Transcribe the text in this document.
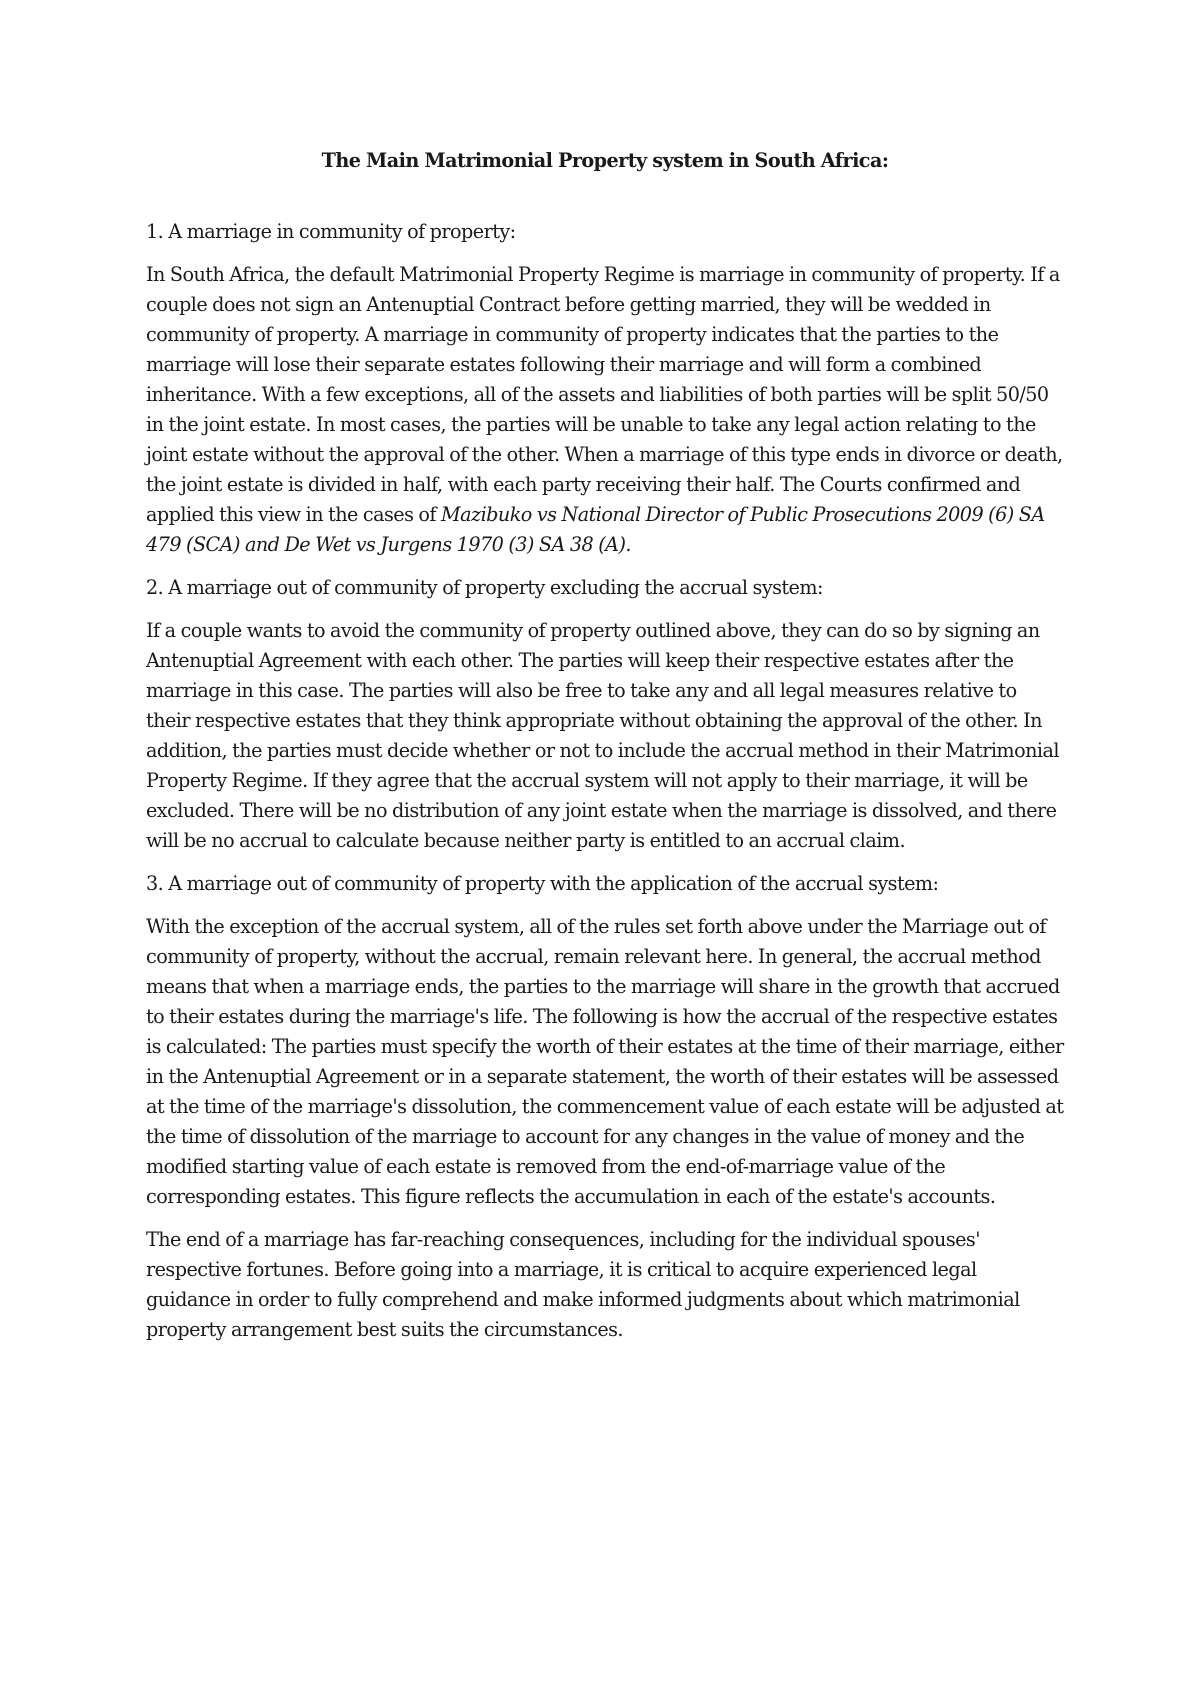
The Main Matrimonial Property system in South Africa:

1. A marriage in community of property:

In South Africa, the default Matrimonial Property Regime is marriage in community of property. If a couple does not sign an Antenuptial Contract before getting married, they will be wedded in community of property. A marriage in community of property indicates that the parties to the marriage will lose their separate estates following their marriage and will form a combined inheritance. With a few exceptions, all of the assets and liabilities of both parties will be split 50/50 in the joint estate. In most cases, the parties will be unable to take any legal action relating to the joint estate without the approval of the other. When a marriage of this type ends in divorce or death, the joint estate is divided in half, with each party receiving their half. The Courts confirmed and applied this view in the cases of Mazibuko vs National Director of Public Prosecutions 2009 (6) SA 479 (SCA) and De Wet vs Jurgens 1970 (3) SA 38 (A).

2. A marriage out of community of property excluding the accrual system:

If a couple wants to avoid the community of property outlined above, they can do so by signing an Antenuptial Agreement with each other. The parties will keep their respective estates after the marriage in this case. The parties will also be free to take any and all legal measures relative to their respective estates that they think appropriate without obtaining the approval of the other. In addition, the parties must decide whether or not to include the accrual method in their Matrimonial Property Regime. If they agree that the accrual system will not apply to their marriage, it will be excluded. There will be no distribution of any joint estate when the marriage is dissolved, and there will be no accrual to calculate because neither party is entitled to an accrual claim.

3. A marriage out of community of property with the application of the accrual system:

With the exception of the accrual system, all of the rules set forth above under the Marriage out of community of property, without the accrual, remain relevant here. In general, the accrual method means that when a marriage ends, the parties to the marriage will share in the growth that accrued to their estates during the marriage's life. The following is how the accrual of the respective estates is calculated: The parties must specify the worth of their estates at the time of their marriage, either in the Antenuptial Agreement or in a separate statement, the worth of their estates will be assessed at the time of the marriage's dissolution, the commencement value of each estate will be adjusted at the time of dissolution of the marriage to account for any changes in the value of money and the modified starting value of each estate is removed from the end-of-marriage value of the corresponding estates. This figure reflects the accumulation in each of the estate's accounts.

The end of a marriage has far-reaching consequences, including for the individual spouses' respective fortunes. Before going into a marriage, it is critical to acquire experienced legal guidance in order to fully comprehend and make informed judgments about which matrimonial property arrangement best suits the circumstances.
